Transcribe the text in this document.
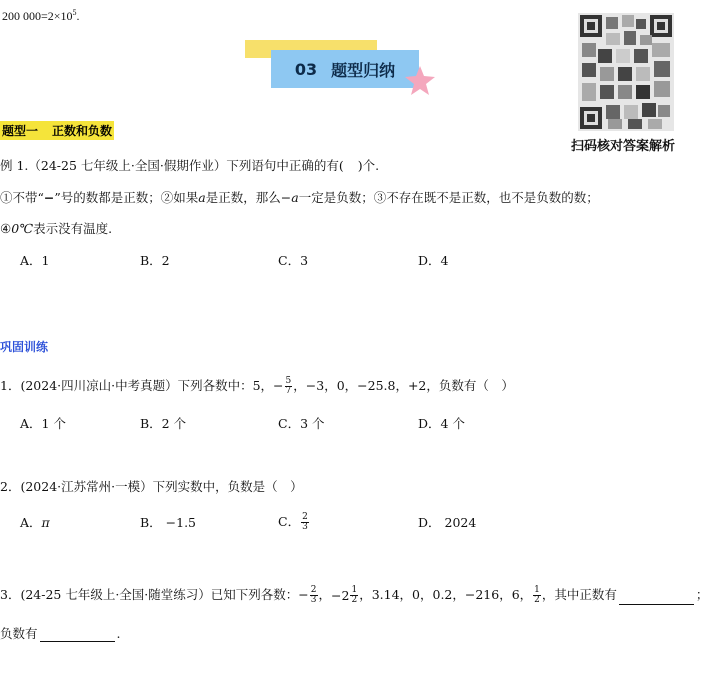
200 $000=2\times 10^5$.
03 题型归纳
扫码核对答案解析
题型一 正数和负数
例 1.（24-25 七年级上·全国·假期作业）下列语句中正确的有( )个.
①不带“−”号的数都是正数；②如果a是正数，那么−a一定是负数；③不存在既不是正数，也不是负数的数；
④0℃表示没有温度.
A．1	B．2	C．3	D．4
巩固训练
1．(2024·四川凉山·中考真题）下列各数中：5，− $\frac{5}{7}$ ，−3，0，−25.8，+2，负数有（　）
A．1 个	B．2 个	C．3 个	D．4 个
2．(2024·江苏常州·一模）下列实数中，负数是（　）
A．π	B． −1.5	C． $\frac{2}{3}$	D． 2024
3．(24-25 七年级上·全国·随堂练习）已知下列各数：− $\frac{2}{3}$ ， $-2 \frac{1}{2}$ ，3.14，0，0.2，−216，6， $\frac{1}{2}$ ，其中正数有	；
负数有	.
